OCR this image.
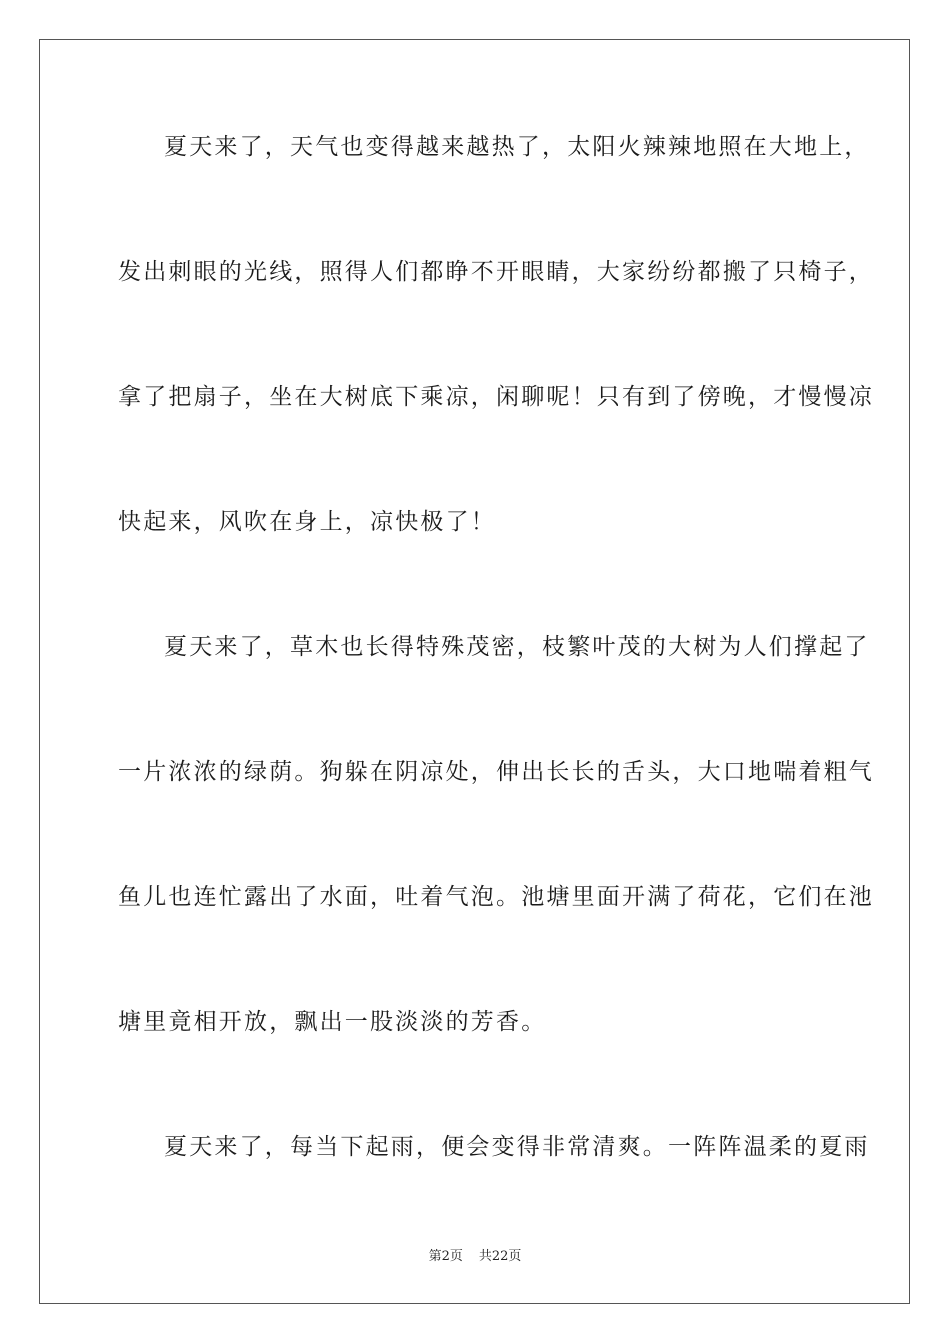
夏天来了，天气也变得越来越热了，太阳火辣辣地照在大地上，
发出刺眼的光线，照得人们都睁不开眼睛，大家纷纷都搬了只椅子，
拿了把扇子，坐在大树底下乘凉，闲聊呢！只有到了傍晚，才慢慢凉
快起来，风吹在身上，凉快极了！
夏天来了，草木也长得特殊茂密，枝繁叶茂的大树为人们撑起了
一片浓浓的绿荫。狗躲在阴凉处，伸出长长的舌头，大口地喘着粗气
鱼儿也连忙露出了水面，吐着气泡。池塘里面开满了荷花，它们在池
塘里竟相开放，飘出一股淡淡的芳香。
夏天来了，每当下起雨，便会变得非常清爽。一阵阵温柔的夏雨
第2页 共22页
